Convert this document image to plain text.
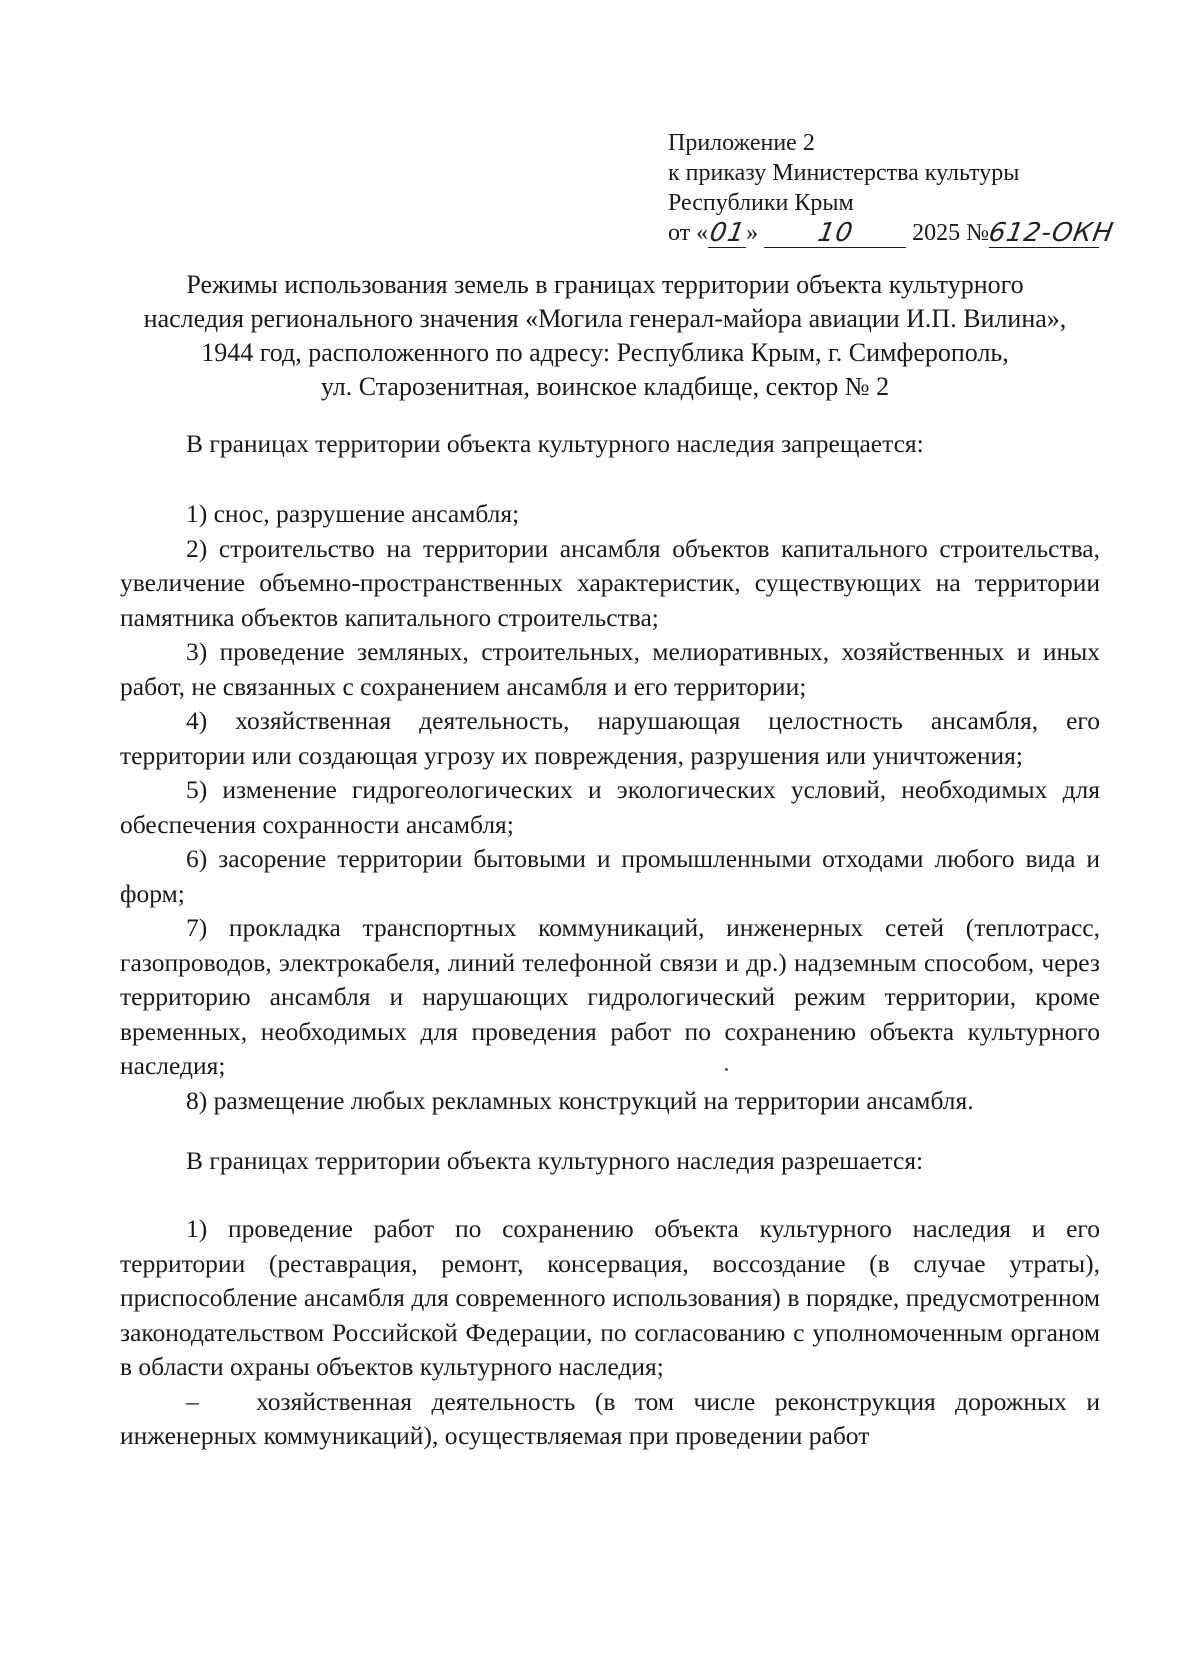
Приложение 2
к приказу Министерства культуры
Республики Крым
от «01» 10 2025 №612-ОКН
Режимы использования земель в границах территории объекта культурного
наследия регионального значения «Могила генерал-майора авиации И.П. Вилина»,
1944 год, расположенного по адресу: Республика Крым, г. Симферополь,
ул. Старозенитная, воинское кладбище, сектор № 2
В границах территории объекта культурного наследия запрещается:

1) снос, разрушение ансамбля;

2) строительство на территории ансамбля объектов капитального строительства, увеличение объемно-пространственных характеристик, существующих на территории памятника объектов капитального строительства;

3) проведение земляных, строительных, мелиоративных, хозяйственных и иных работ, не связанных с сохранением ансамбля и его территории;

4) хозяйственная деятельность, нарушающая целостность ансамбля, его территории или создающая угрозу их повреждения, разрушения или уничтожения;

5) изменение гидрогеологических и экологических условий, необходимых для обеспечения сохранности ансамбля;

6) засорение территории бытовыми и промышленными отходами любого вида и форм;

7) прокладка транспортных коммуникаций, инженерных сетей (теплотрасс, газопроводов, электрокабеля, линий телефонной связи и др.) надземным способом, через территорию ансамбля и нарушающих гидрологический режим территории, кроме временных, необходимых для проведения работ по сохранению объекта культурного наследия;

8) размещение любых рекламных конструкций на территории ансамбля.

В границах территории объекта культурного наследия разрешается:

1) проведение работ по сохранению объекта культурного наследия и его территории (реставрация, ремонт, консервация, воссоздание (в случае утраты), приспособление ансамбля для современного использования) в порядке, предусмотренном законодательством Российской Федерации, по согласованию с уполномоченным органом в области охраны объектов культурного наследия;

– хозяйственная деятельность (в том числе реконструкция дорожных и инженерных коммуникаций), осуществляемая при проведении работ
